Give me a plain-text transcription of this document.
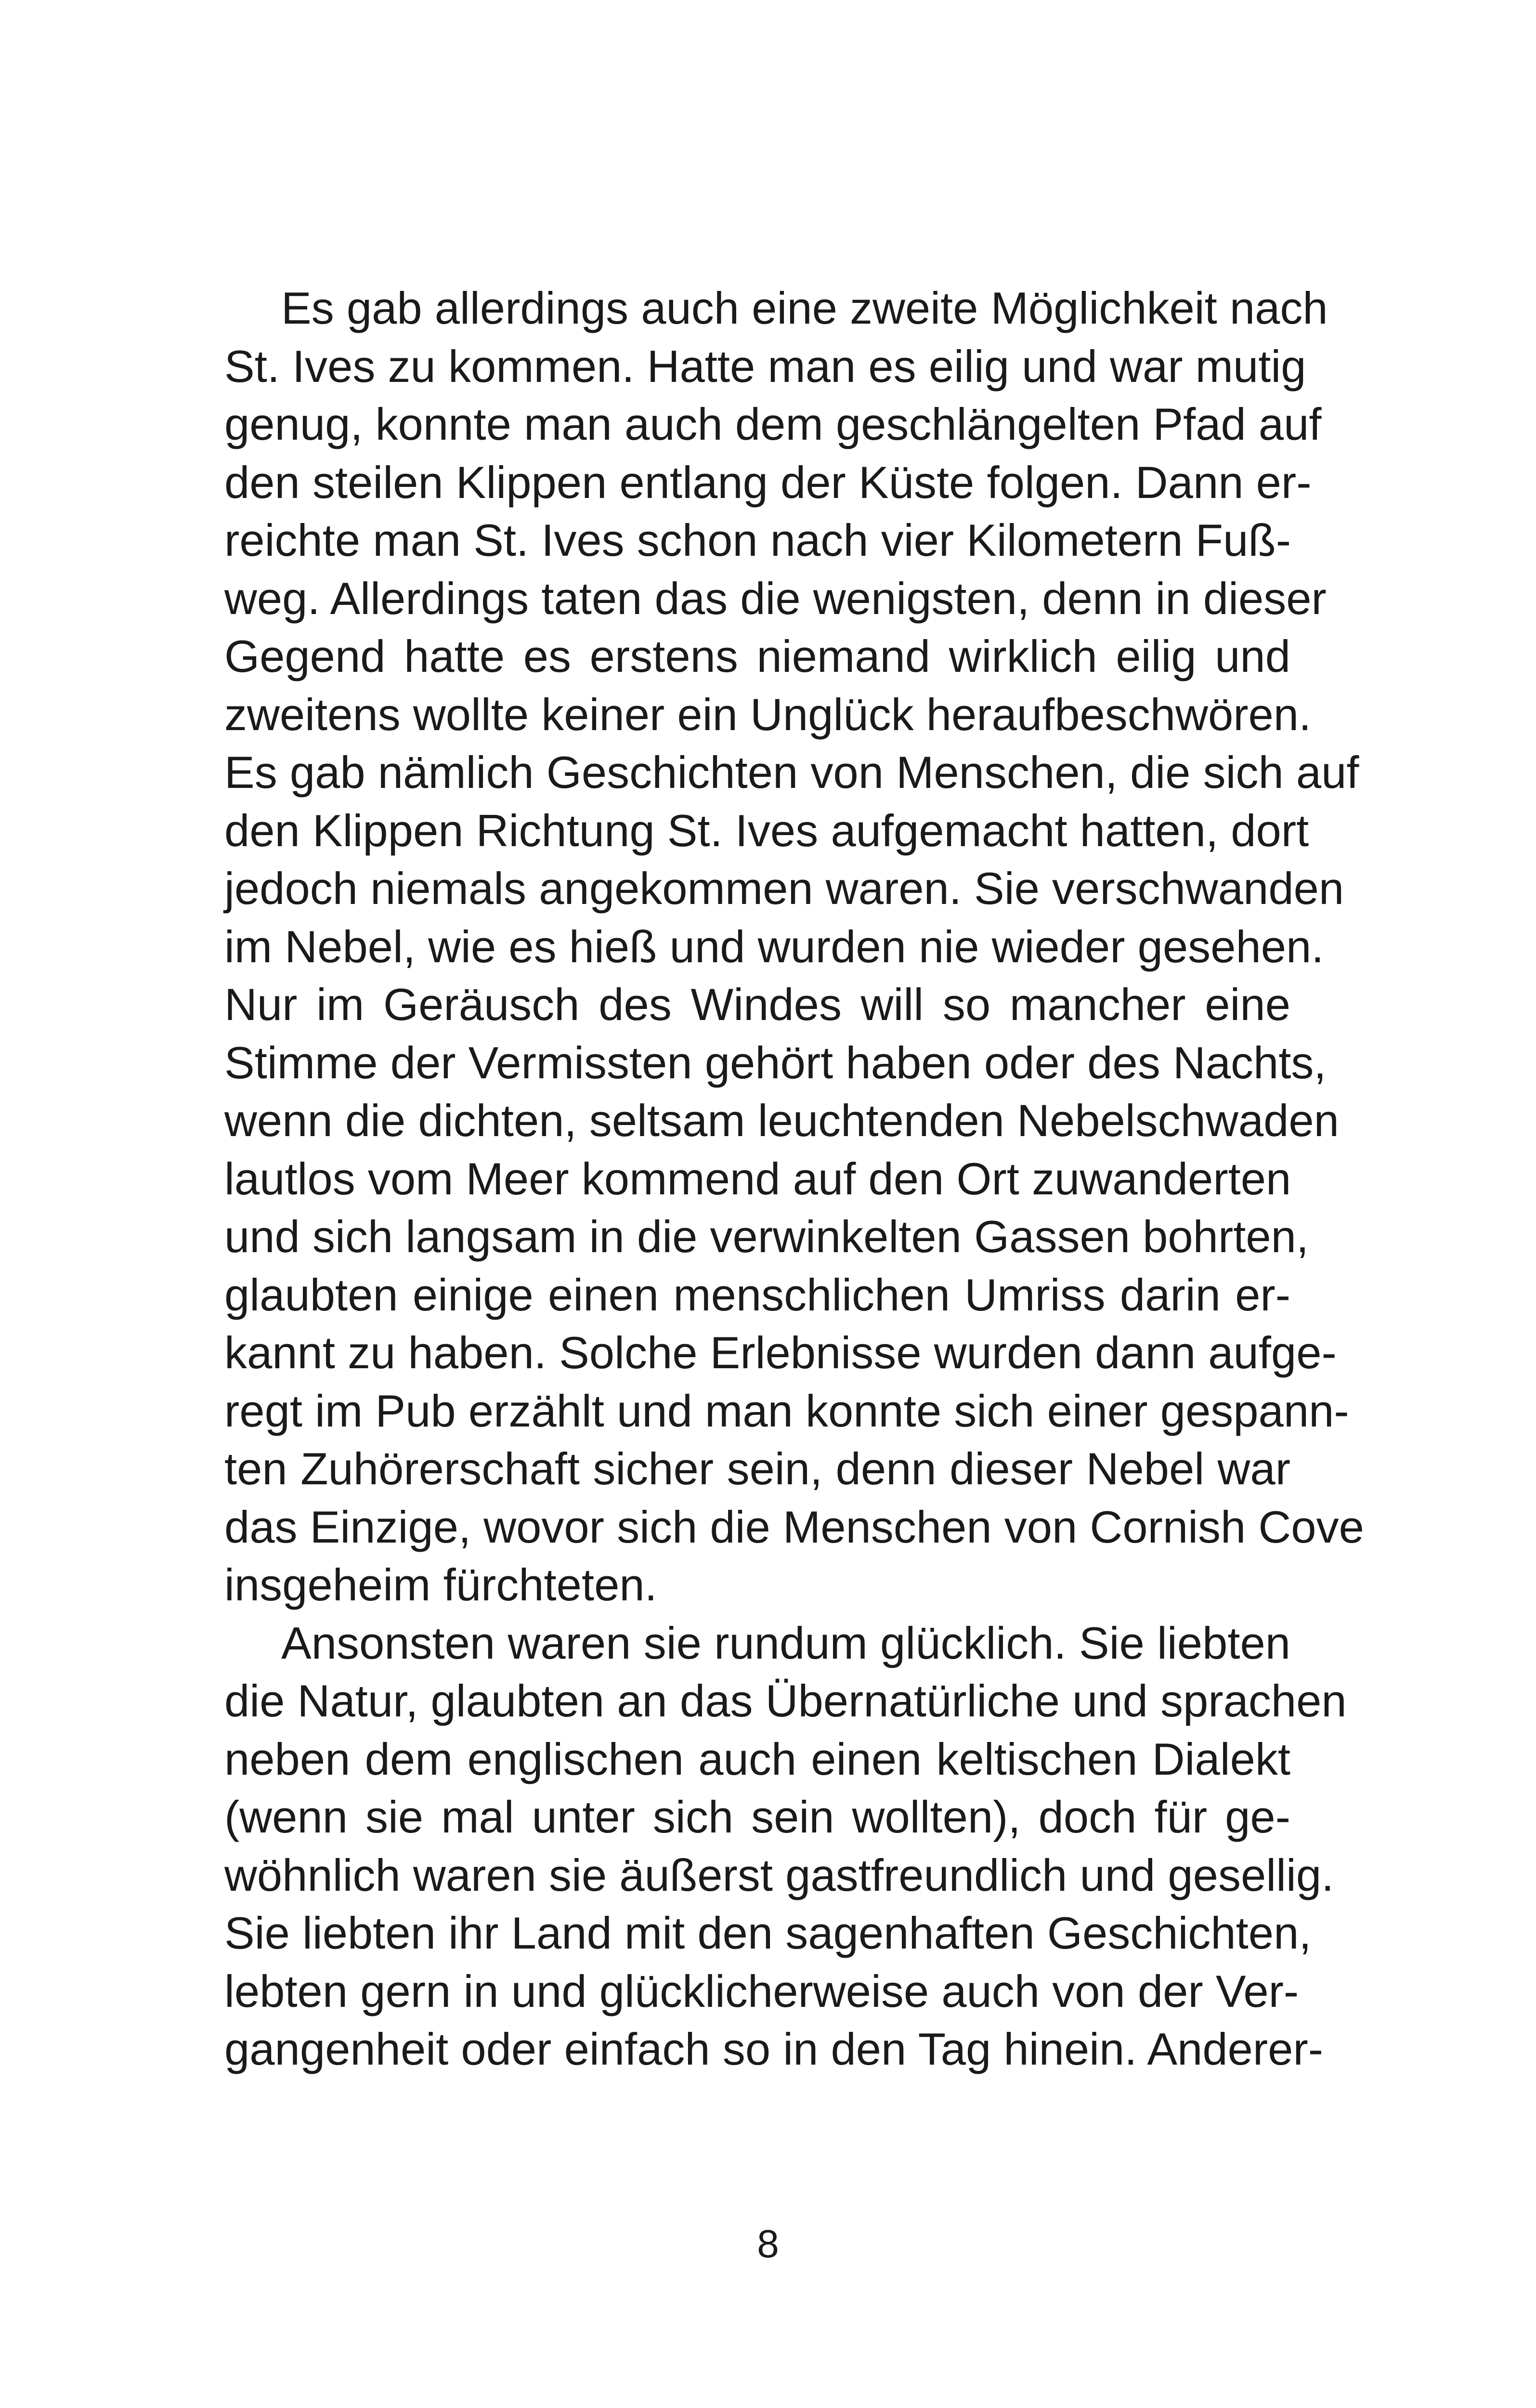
Es gab allerdings auch eine zweite Möglichkeit nach
St. Ives zu kommen. Hatte man es eilig und war mutig
genug, konnte man auch dem geschlängelten Pfad auf
den steilen Klippen entlang der Küste folgen. Dann er-
reichte man St. Ives schon nach vier Kilometern Fuß-
weg. Allerdings taten das die wenigsten, denn in dieser
Gegend hatte es erstens niemand wirklich eilig und
zweitens wollte keiner ein Unglück heraufbeschwören.
Es gab nämlich Geschichten von Menschen, die sich auf
den Klippen Richtung St. Ives aufgemacht hatten, dort
jedoch niemals angekommen waren. Sie verschwanden
im Nebel, wie es hieß und wurden nie wieder gesehen.
Nur im Geräusch des Windes will so mancher eine
Stimme der Vermissten gehört haben oder des Nachts,
wenn die dichten, seltsam leuchtenden Nebelschwaden
lautlos vom Meer kommend auf den Ort zuwanderten
und sich langsam in die verwinkelten Gassen bohrten,
glaubten einige einen menschlichen Umriss darin er-
kannt zu haben. Solche Erlebnisse wurden dann aufge-
regt im Pub erzählt und man konnte sich einer gespann-
ten Zuhörerschaft sicher sein, denn dieser Nebel war
das Einzige, wovor sich die Menschen von Cornish Cove
insgeheim fürchteten.
Ansonsten waren sie rundum glücklich. Sie liebten
die Natur, glaubten an das Übernatürliche und sprachen
neben dem englischen auch einen keltischen Dialekt
(wenn sie mal unter sich sein wollten), doch für ge-
wöhnlich waren sie äußerst gastfreundlich und gesellig.
Sie liebten ihr Land mit den sagenhaften Geschichten,
lebten gern in und glücklicherweise auch von der Ver-
gangenheit oder einfach so in den Tag hinein. Anderer-
8
